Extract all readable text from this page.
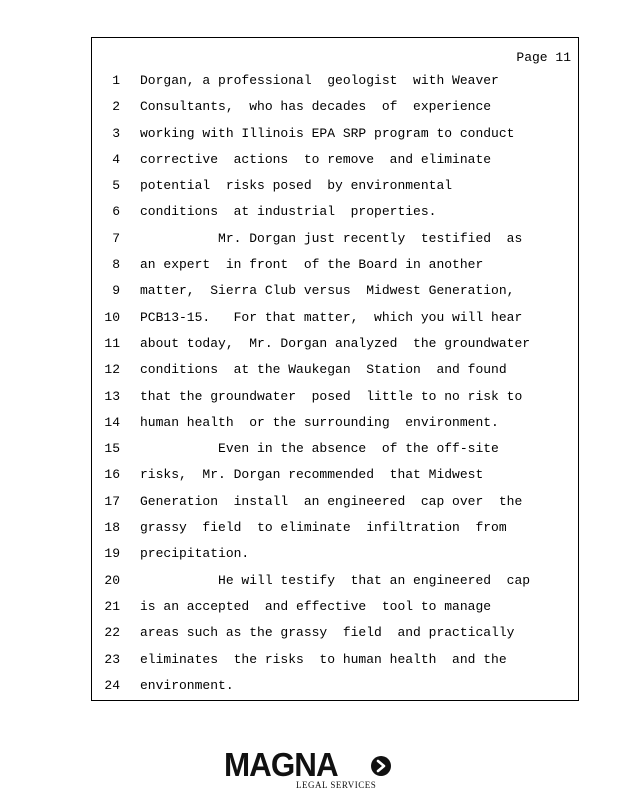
Page 11
1 Dorgan, a professional  geologist  with Weaver
2 Consultants,  who has decades  of  experience
3 working with Illinois EPA SRP program to conduct
4 corrective  actions  to remove  and eliminate
5 potential  risks posed  by environmental
6 conditions  at industrial  properties.
7 Mr. Dorgan just recently  testified  as
8 an expert  in front  of the Board in another
9 matter,  Sierra Club versus  Midwest Generation,
10 PCB13-15.   For that matter,  which you will hear
11 about today,  Mr. Dorgan analyzed  the groundwater
12 conditions  at the Waukegan  Station  and found
13 that the groundwater  posed  little to no risk to
14 human health  or the surrounding  environment.
15 Even in the absence  of the off-site
16 risks,  Mr. Dorgan recommended  that Midwest
17 Generation  install  an engineered  cap over  the
18 grassy  field  to eliminate  infiltration  from
19 precipitation.
20 He will testify  that an engineered  cap
21 is an accepted  and effective  tool to manage
22 areas such as the grassy  field  and practically
23 eliminates  the risks  to human health  and the
24 environment.
MAGNA
LEGAL SERVICES
